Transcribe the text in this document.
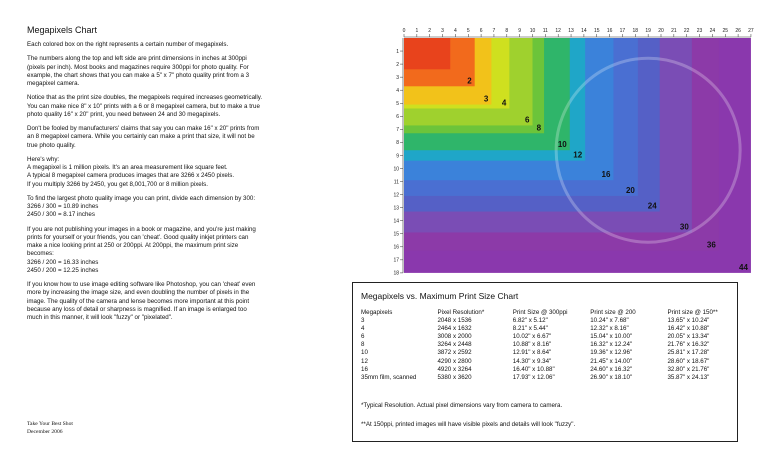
Megapixels Chart
Each colored box on the right represents a certain number of megapixels.
The numbers along the top and left side are print dimensions in inches at 300ppi
(pixels per inch). Most books and magazines require 300ppi for photo quality. For
example, the chart shows that you can make a 5" x 7" photo quality print from a 3
megapixel camera.
Notice that as the print size doubles, the megapixels required increases geometrically.
You can make nice 8" x 10" prints with a 6 or 8 megapixel camera, but to make a true
photo quality 16" x 20" print, you need between 24 and 30 megapixels.
Don't be fooled by manufacturers' claims that say you can make 16" x 20" prints from
an 8 megapixel camera. While you certainly can make a print that size, it will not be
true photo quality.
Here's why:
A megapixel is 1 million pixels. It's an area measurement like square feet.
A typical 8 megapixel camera produces images that are 3266 x 2450 pixels.
If you multiply 3266 by 2450, you get 8,001,700 or 8 million pixels.
To find the largest photo quality image you can print, divide each dimension by 300:
3266 / 300 = 10.89 inches
2450 / 300 = 8.17 inches
If you are not publishing your images in a book or magazine, and you're just making
prints for yourself or your friends, you can 'cheat'. Good quality inkjet printers can
make a nice looking print at 250 or 200ppi. At 200ppi, the maximum print size
becomes:
3266 / 200 = 16.33 inches
2450 / 200 = 12.25 inches
If you know how to use image editing software like Photoshop, you can 'cheat' even
more by increasing the image size, and even doubling the number of pixels in the
image. The quality of the camera and lense becomes more important at this point
because any loss of detail or sharpness is magnified. If an image is enlarged too
much in this manner, it will look "fuzzy" or "pixelated".
Take Your Best Shot
December 2006
44
36
30
24
20
16
12
10
8
6
4
3
2
0 1 2 3 4 5 6 7 8 9 10 11 12 13 14 15 16 17 18 19 20 21 22 23 24 25 26 27
1
2
3
4
5
6
7
8
9
10
11
12
13
14
15
16
17
18
Megapixels vs. Maximum Print Size Chart
Megapixels	Pixel Resolution*	Print Size @ 300ppi	Print size @ 200	Print size @ 150**
3	2048 x 1536	6.82" x 5.12"	10.24" x 7.68"	13.65" x 10.24"
4	2464 x 1632	8.21" x 5.44"	12.32" x 8.16"	16.42" x 10.88"
6	3008 x 2000	10.02" x 6.67"	15.04" x 10.00"	20.05" x 13.34"
8	3264 x 2448	10.88" x 8.16"	16.32" x 12.24"	21.76" x 16.32"
10	3872 x 2592	12.91" x 8.64"	19.36" x 12.96"	25.81" x 17.28"
12	4290 x 2800	14.30" x 9.34"	21.45" x 14.00"	28.60" x 18.67"
16	4920 x 3264	16.40" x 10.88"	24.60" x 16.32"	32.80" x 21.76"
35mm film, scanned	5380 x 3620	17.93" x 12.06"	26.90" x 18.10"	35.87" x 24.13"
*Typical Resolution. Actual pixel dimensions vary from camera to camera.
**At 150ppi, printed images will have visible pixels and details will look "fuzzy".
